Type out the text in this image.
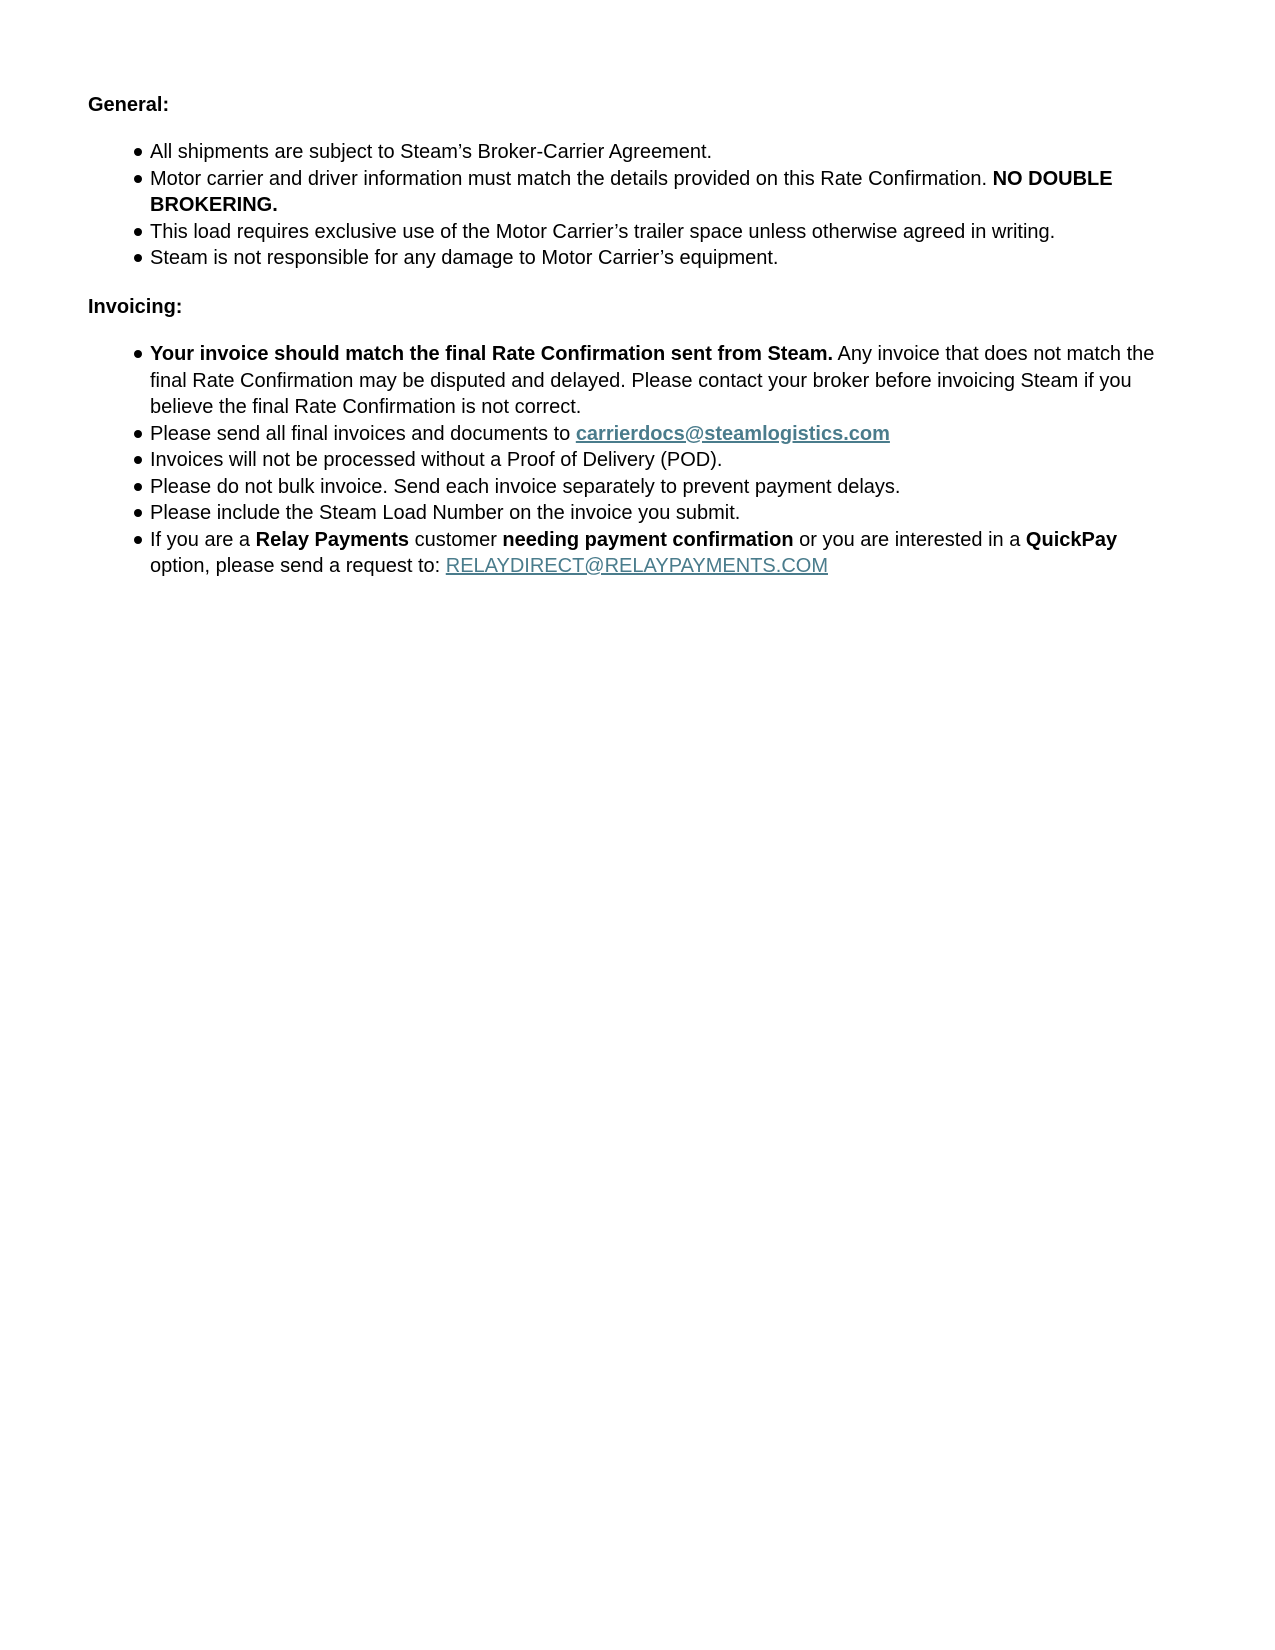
General:
All shipments are subject to Steam’s Broker-Carrier Agreement.
Motor carrier and driver information must match the details provided on this Rate Confirmation. NO DOUBLE BROKERING.
This load requires exclusive use of the Motor Carrier’s trailer space unless otherwise agreed in writing.
Steam is not responsible for any damage to Motor Carrier’s equipment.
Invoicing:
Your invoice should match the final Rate Confirmation sent from Steam. Any invoice that does not match the final Rate Confirmation may be disputed and delayed. Please contact your broker before invoicing Steam if you believe the final Rate Confirmation is not correct.
Please send all final invoices and documents to carrierdocs@steamlogistics.com
Invoices will not be processed without a Proof of Delivery (POD).
Please do not bulk invoice. Send each invoice separately to prevent payment delays.
Please include the Steam Load Number on the invoice you submit.
If you are a Relay Payments customer needing payment confirmation or you are interested in a QuickPay option, please send a request to: RELAYDIRECT@RELAYPAYMENTS.COM
